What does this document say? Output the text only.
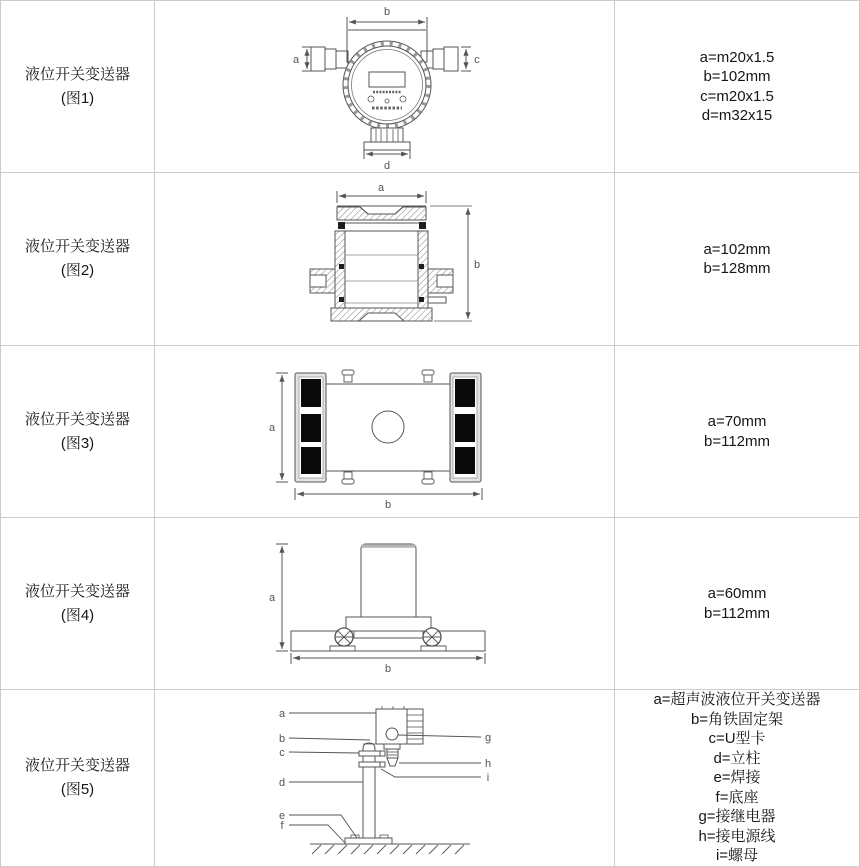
液位开关变送器
(图1)
b
a	c
d
a=m20x1.5
b=102mm
c=m20x1.5
d=m32x15
液位开关变送器
(图2)
a
b
a=102mm
b=128mm
液位开关变送器
(图3)
a
b
a=70mm
b=112mm
液位开关变送器
(图4)
a
b
a=60mm
b=112mm
液位开关变送器
(图5)
a
b
c
d
e
f
g
h
i
a=超声波液位开关变送器
b=角铁固定架
c=U型卡
d=立柱
e=焊接
f=底座
g=接继电器
h=接电源线
i=螺母
